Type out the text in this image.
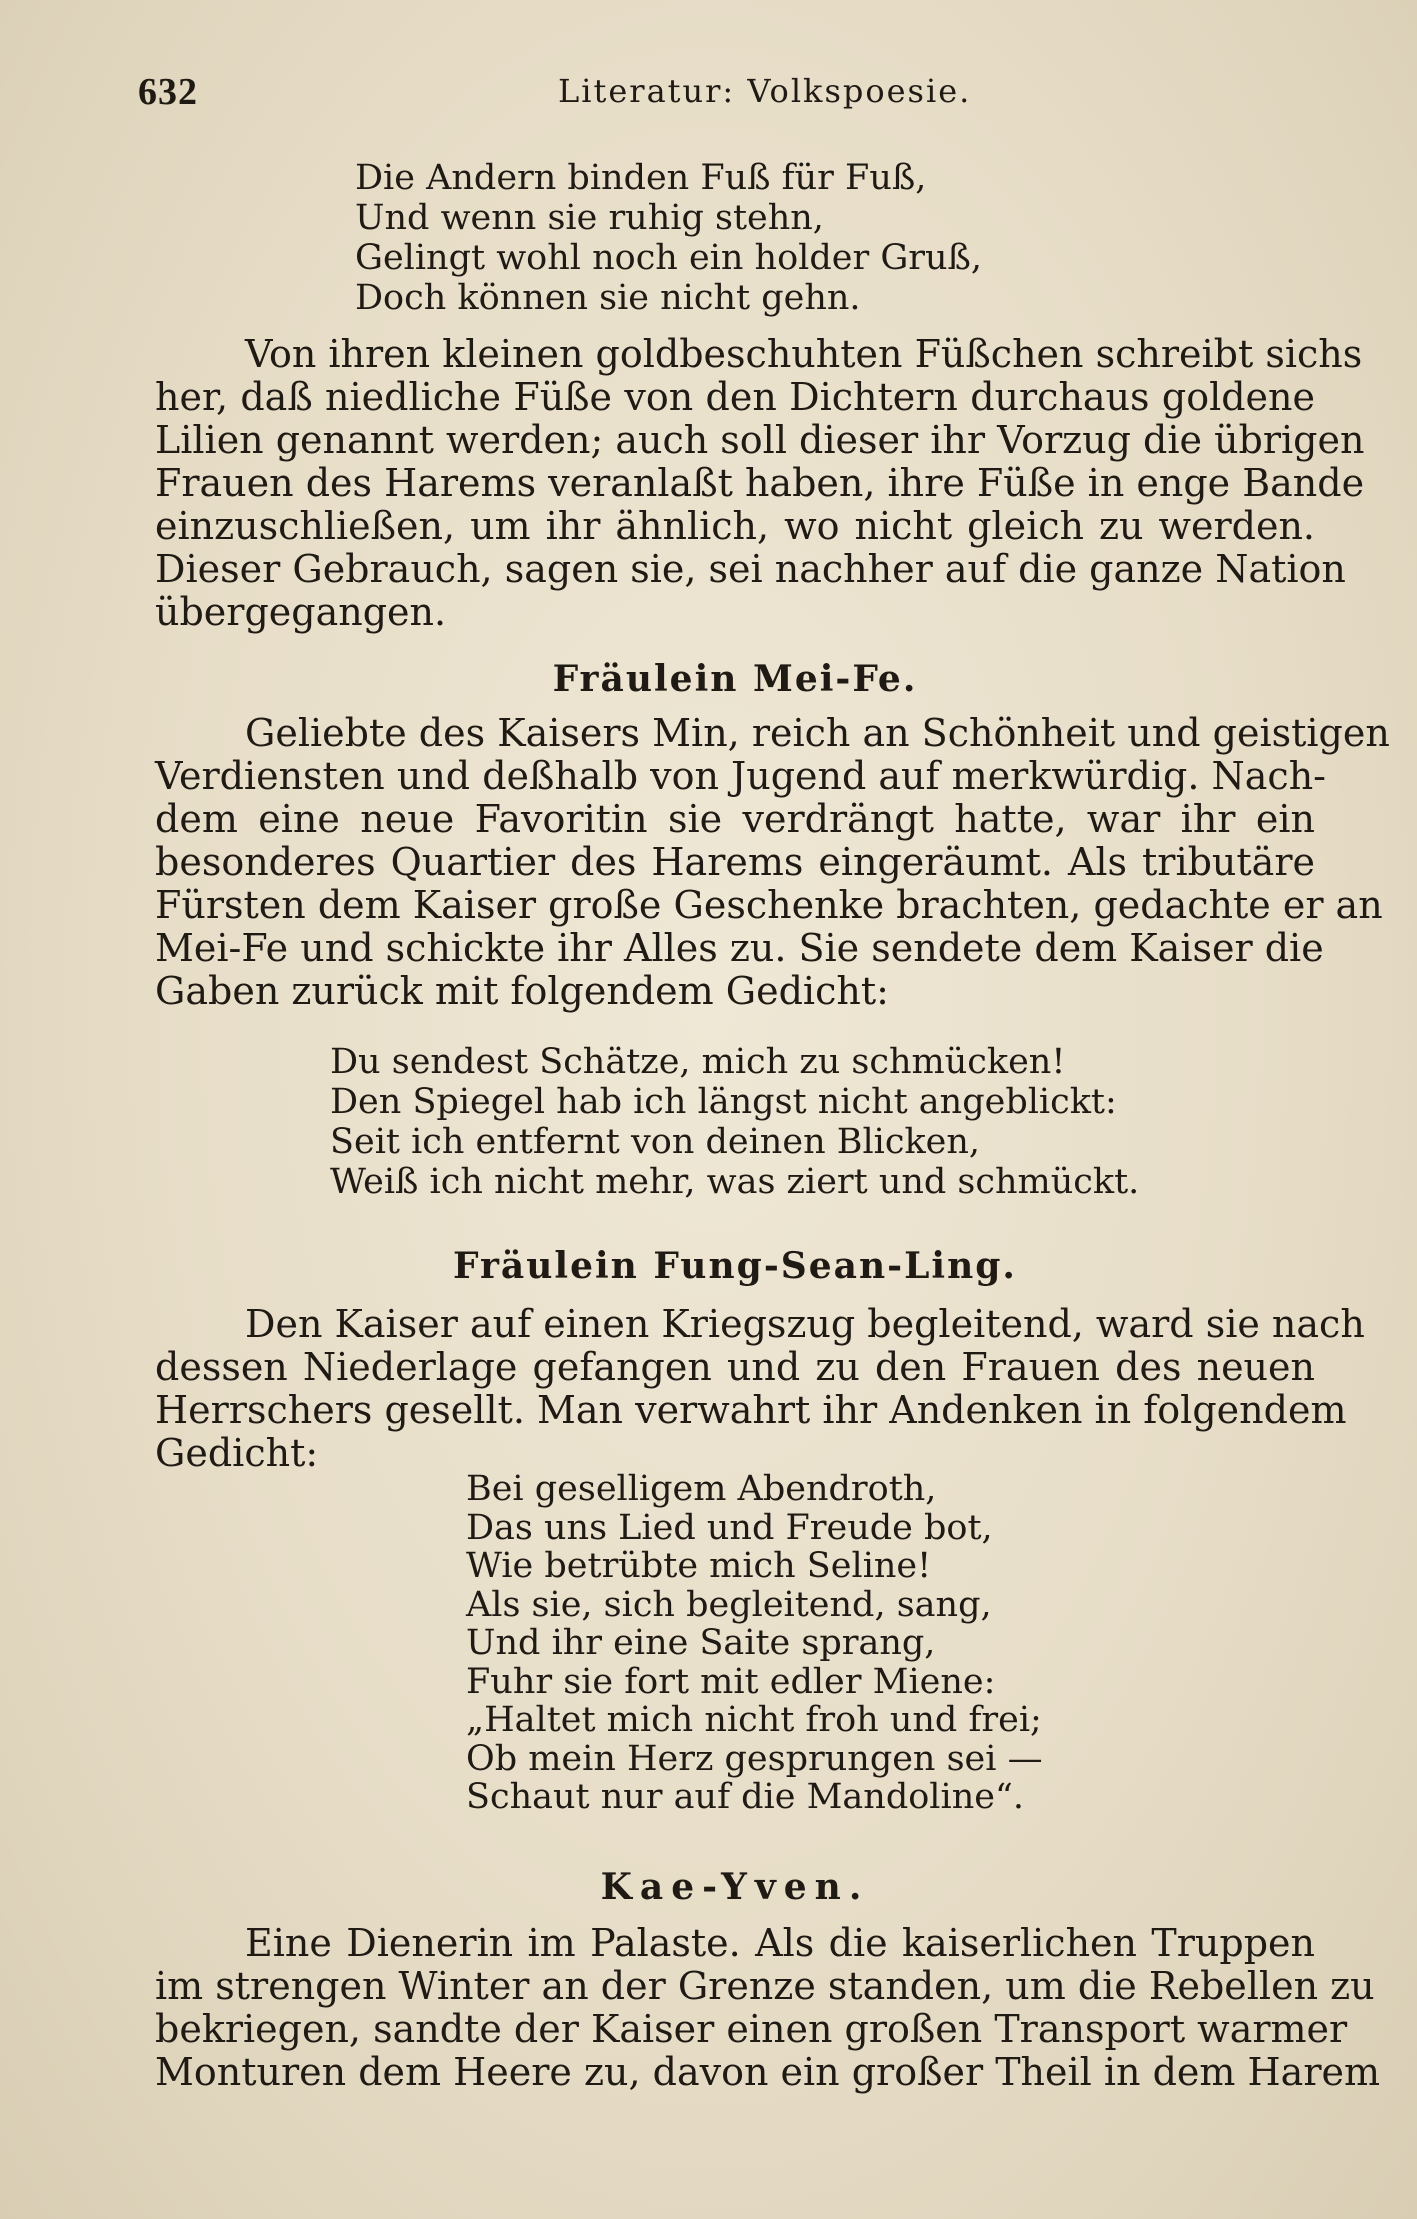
632	Literatur: Volkspoesie.
Die Andern binden Fuß für Fuß,
Und wenn sie ruhig stehn,
Gelingt wohl noch ein holder Gruß,
Doch können sie nicht gehn.
Von ihren kleinen goldbeschuhten Füßchen schreibt sichs
her, daß niedliche Füße von den Dichtern durchaus goldene
Lilien genannt werden; auch soll dieser ihr Vorzug die übrigen
Frauen des Harems veranlaßt haben, ihre Füße in enge Bande
einzuschließen, um ihr ähnlich, wo nicht gleich zu werden.
Dieser Gebrauch, sagen sie, sei nachher auf die ganze Nation
übergegangen.
Fräulein Mei-Fe.
Geliebte des Kaisers Min, reich an Schönheit und geistigen
Verdiensten und deßhalb von Jugend auf merkwürdig. Nach-
dem eine neue Favoritin sie verdrängt hatte, war ihr ein
besonderes Quartier des Harems eingeräumt. Als tributäre
Fürsten dem Kaiser große Geschenke brachten, gedachte er an
Mei-Fe und schickte ihr Alles zu. Sie sendete dem Kaiser die
Gaben zurück mit folgendem Gedicht:
Du sendest Schätze, mich zu schmücken!
Den Spiegel hab ich längst nicht angeblickt:
Seit ich entfernt von deinen Blicken,
Weiß ich nicht mehr, was ziert und schmückt.
Fräulein Fung-Sean-Ling.
Den Kaiser auf einen Kriegszug begleitend, ward sie nach
dessen Niederlage gefangen und zu den Frauen des neuen
Herrschers gesellt. Man verwahrt ihr Andenken in folgendem
Gedicht:
Bei geselligem Abendroth,
Das uns Lied und Freude bot,
Wie betrübte mich Seline!
Als sie, sich begleitend, sang,
Und ihr eine Saite sprang,
Fuhr sie fort mit edler Miene:
„Haltet mich nicht froh und frei;
Ob mein Herz gesprungen sei —
Schaut nur auf die Mandoline“.
Kae-Yven.
Eine Dienerin im Palaste. Als die kaiserlichen Truppen
im strengen Winter an der Grenze standen, um die Rebellen zu
bekriegen, sandte der Kaiser einen großen Transport warmer
Monturen dem Heere zu, davon ein großer Theil in dem Harem
